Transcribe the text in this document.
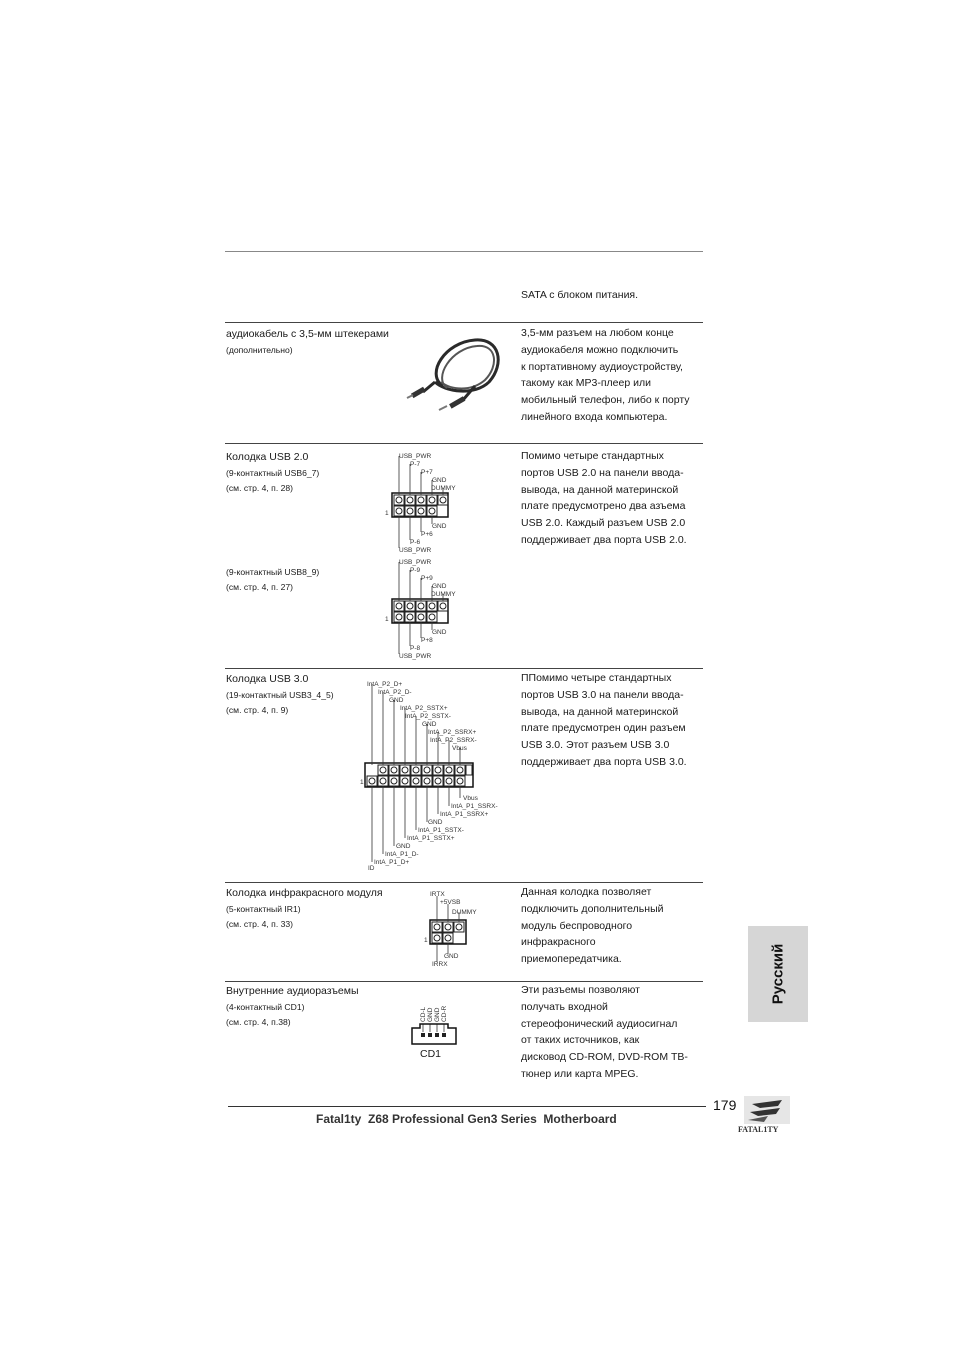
SATA с блоком питания.

аудиокабель с 3,5-мм штекерами

(дополнительно)

3,5-мм разъем на любом конце

аудиокабеля можно подключить

к портативному аудиоустройству,

такому как MP3-плеер или

мобильный телефон, либо к порту

линейного входа компьютера.

Колодка USB 2.0

(9-контактный USB6_7)

(см. стр. 4, п. 28)

(9-контактный USB8_9)

(см. стр. 4, п. 27)

1
USB_PWR
P-7
P+7
GND
DUMMY
GND
P+6
P-6
USB_PWR
1
USB_PWR
P-9
P+9
GND
DUMMY
GND
P+8
P-8
USB_PWR

Помимо четыре стандартных

портов USB 2.0 на панели ввода-

вывода, на данной материнской

плате предусмотрено два азъема

USB 2.0. Каждый разъем USB 2.0

поддерживает два порта USB 2.0.

Колодка USB 3.0

(19-контактный USB3_4_5)

(см. стр. 4, п. 9)

1
IntA_P2_D+
IntA_P2_D-
GND
IntA_P2_SSTX+
IntA_P2_SSTX-
GND
IntA_P2_SSRX+
IntA_P2_SSRX-
Vbus
Vbus
IntA_P1_SSRX-
IntA_P1_SSRX+
GND
IntA_P1_SSTX-
IntA_P1_SSTX+
GND
IntA_P1_D-
IntA_P1_D+
ID

ППомимо четыре стандартных

портов USB 3.0 на панели ввода-

вывода, на данной материнской

плате предусмотрен один разъем

USB 3.0. Этот разъем USB 3.0

поддерживает два порта USB 3.0.

Колодка инфракрасного модуля

(5-контактный IR1)

(см. стр. 4, п. 33)

1
IRTX
+5VSB
DUMMY
GND
IRRX

Данная колодка позволяет

подключить дополнительный

модуль беспроводного

инфракрасного

приемопередатчика.

Внутренние аудиоразъемы

(4-контактный CD1)

(см. стр. 4, п.38)	CD-L GND GND CD-R
CD1

Эти разъемы позволяют

получать входной

стереофонический аудиосигнал

от таких источников, как

дисковод CD-ROM, DVD-ROM ТВ-

тюнер или карта MPEG.

Русский
179
Fatal1ty  Z68 Professional Gen3 Series  Motherboard
FATAL1TY
